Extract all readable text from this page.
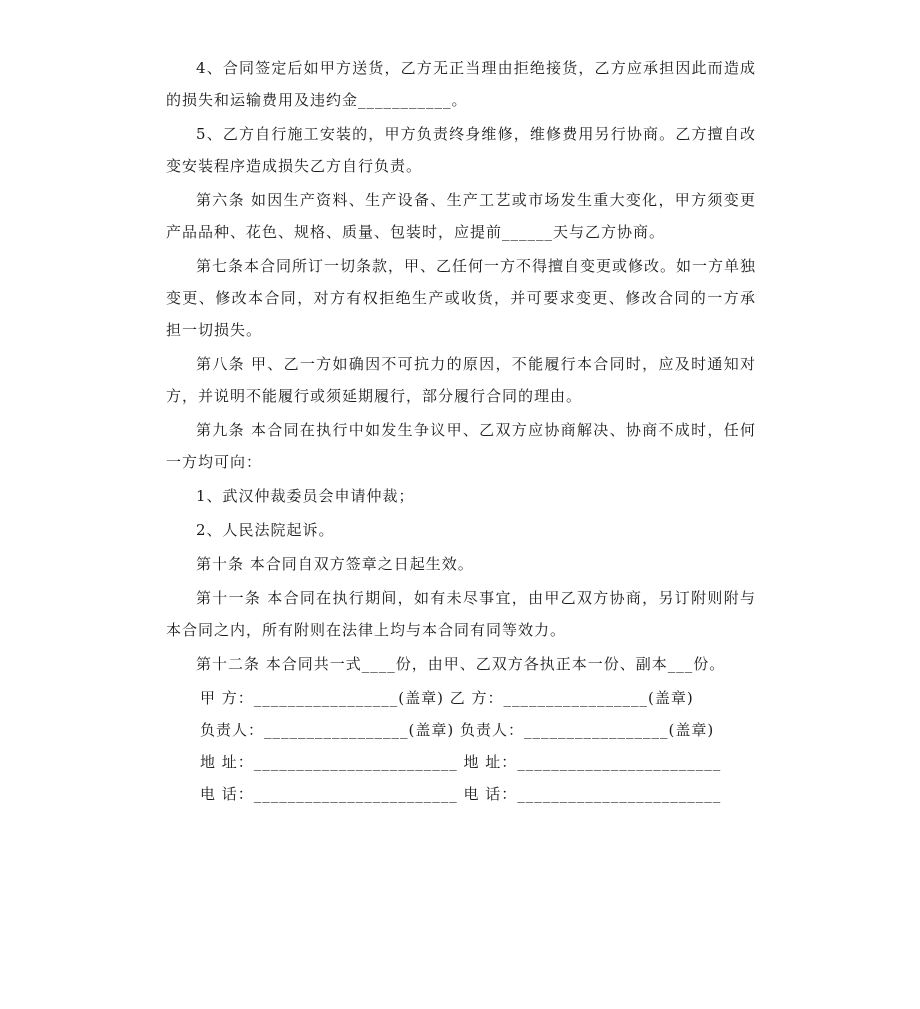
4、合同签定后如甲方送货，乙方无正当理由拒绝接货，乙方应承担因此而造成的损失和运输费用及违约金___________。

5、乙方自行施工安装的，甲方负责终身维修，维修费用另行协商。乙方擅自改变安装程序造成损失乙方自行负责。

第六条 如因生产资料、生产设备、生产工艺或市场发生重大变化，甲方须变更产品品种、花色、规格、质量、包装时，应提前______天与乙方协商。

第七条本合同所订一切条款，甲、乙任何一方不得擅自变更或修改。如一方单独变更、修改本合同，对方有权拒绝生产或收货，并可要求变更、修改合同的一方承担一切损失。

第八条 甲、乙一方如确因不可抗力的原因，不能履行本合同时，应及时通知对方，并说明不能履行或须延期履行，部分履行合同的理由。

第九条 本合同在执行中如发生争议甲、乙双方应协商解决、协商不成时，任何一方均可向：

1、武汉仲裁委员会申请仲裁；

2、人民法院起诉。

第十条 本合同自双方签章之日起生效。

第十一条 本合同在执行期间，如有未尽事宜，由甲乙双方协商，另订附则附与本合同之内，所有附则在法律上均与本合同有同等效力。

第十二条 本合同共一式____份，由甲、乙双方各执正本一份、副本___份。

甲 方：_________________(盖章) 乙 方：_________________(盖章)

负责人：_________________(盖章) 负责人：_________________(盖章)

地 址：________________________ 地 址：________________________

电 话：________________________ 电 话：________________________
